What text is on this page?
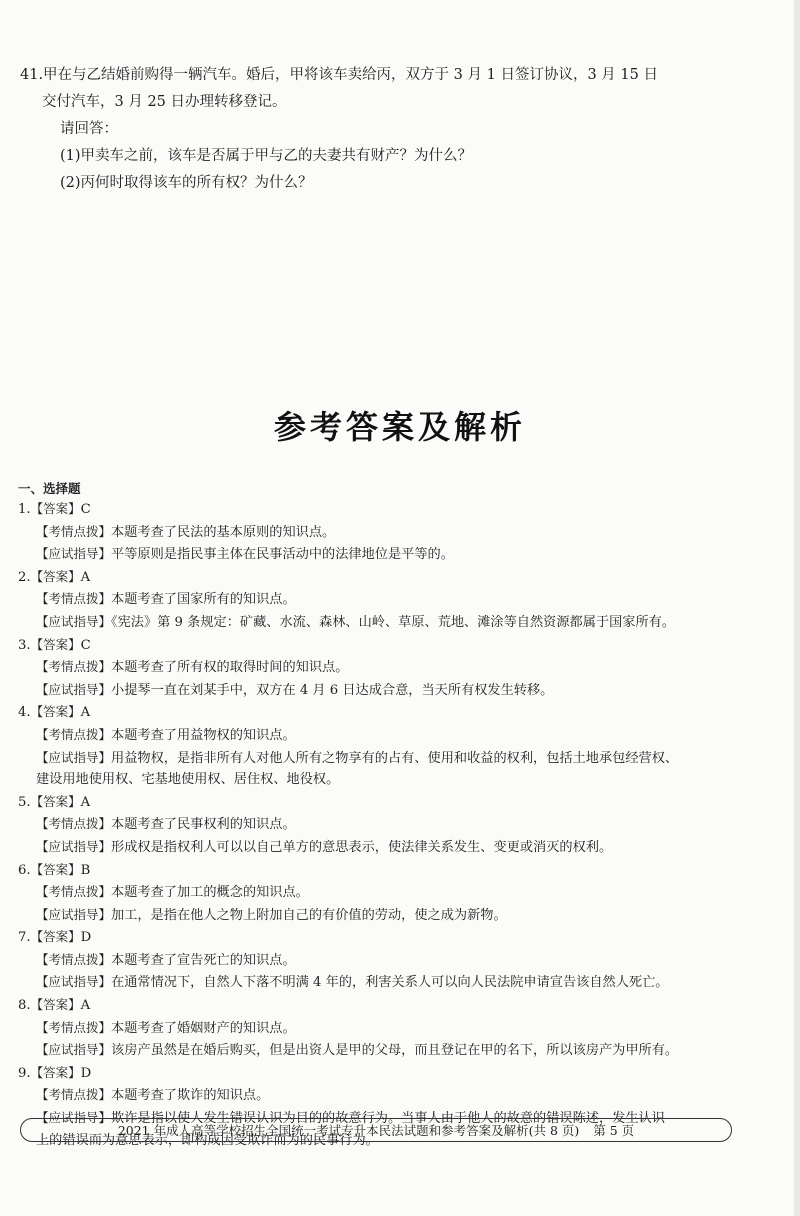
41.甲在与乙结婚前购得一辆汽车。婚后，甲将该车卖给丙，双方于 3 月 1 日签订协议，3 月 15 日
交付汽车，3 月 25 日办理转移登记。
请回答：
(1)甲卖车之前，该车是否属于甲与乙的夫妻共有财产？为什么？
(2)丙何时取得该车的所有权？为什么？
参考答案及解析
一、选择题
1.【答案】C
【考情点拨】本题考查了民法的基本原则的知识点。
【应试指导】平等原则是指民事主体在民事活动中的法律地位是平等的。
2.【答案】A
【考情点拨】本题考查了国家所有的知识点。
【应试指导】《宪法》第 9 条规定：矿藏、水流、森林、山岭、草原、荒地、滩涂等自然资源都属于国家所有。
3.【答案】C
【考情点拨】本题考查了所有权的取得时间的知识点。
【应试指导】小提琴一直在刘某手中，双方在 4 月 6 日达成合意，当天所有权发生转移。
4.【答案】A
【考情点拨】本题考查了用益物权的知识点。
【应试指导】用益物权，是指非所有人对他人所有之物享有的占有、使用和收益的权利，包括土地承包经营权、
建设用地使用权、宅基地使用权、居住权、地役权。
5.【答案】A
【考情点拨】本题考查了民事权利的知识点。
【应试指导】形成权是指权利人可以以自己单方的意思表示，使法律关系发生、变更或消灭的权利。
6.【答案】B
【考情点拨】本题考查了加工的概念的知识点。
【应试指导】加工，是指在他人之物上附加自己的有价值的劳动，使之成为新物。
7.【答案】D
【考情点拨】本题考查了宣告死亡的知识点。
【应试指导】在通常情况下，自然人下落不明满 4 年的，利害关系人可以向人民法院申请宣告该自然人死亡。
8.【答案】A
【考情点拨】本题考查了婚姻财产的知识点。
【应试指导】该房产虽然是在婚后购买，但是出资人是甲的父母，而且登记在甲的名下，所以该房产为甲所有。
9.【答案】D
【考情点拨】本题考查了欺诈的知识点。
【应试指导】欺诈是指以使人发生错误认识为目的的故意行为。当事人由于他人的故意的错误陈述，发生认识
上的错误而为意思表示，即构成因受欺诈而为的民事行为。
2021 年成人高等学校招生全国统一考试专升本民法试题和参考答案及解析(共 8 页) 第 5 页
